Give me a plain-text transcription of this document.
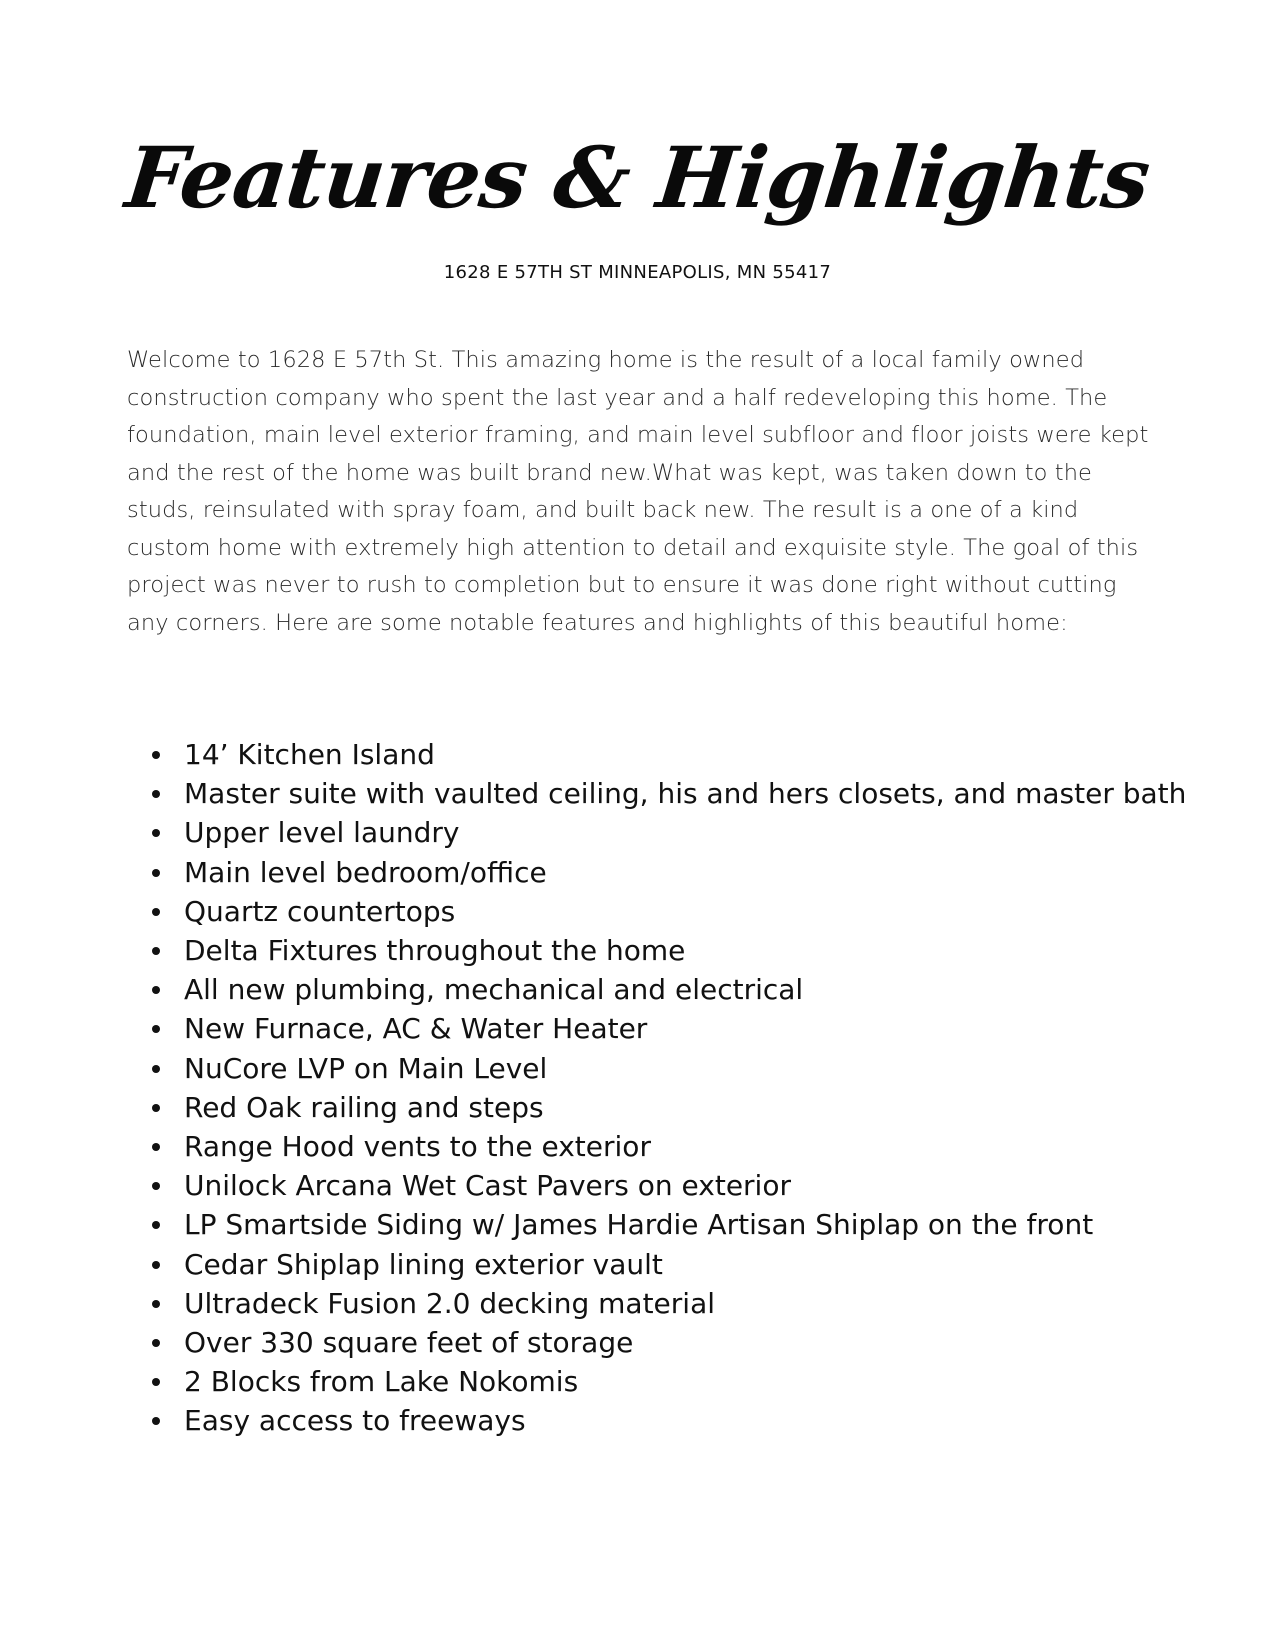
Features & Highlights
1628 E 57TH ST MINNEAPOLIS, MN 55417
Welcome to 1628 E 57th St. This amazing home is the result of a local family owned construction company who spent the last year and a half redeveloping this home. The foundation, main level exterior framing, and main level subfloor and floor joists were kept and the rest of the home was built brand new.What was kept, was taken down to the studs, reinsulated with spray foam, and built back new. The result is a one of a kind custom home with extremely high attention to detail and exquisite style. The goal of this project was never to rush to completion but to ensure it was done right without cutting any corners. Here are some notable features and highlights of this beautiful home:
14’ Kitchen Island
Master suite with vaulted ceiling, his and hers closets, and master bath
Upper level laundry
Main level bedroom/office
Quartz countertops
Delta Fixtures throughout the home
All new plumbing, mechanical and electrical
New Furnace, AC & Water Heater
NuCore LVP on Main Level
Red Oak railing and steps
Range Hood vents to the exterior
Unilock Arcana Wet Cast Pavers on exterior
LP Smartside Siding w/ James Hardie Artisan Shiplap on the front
Cedar Shiplap lining exterior vault
Ultradeck Fusion 2.0 decking material
Over 330 square feet of storage
2 Blocks from Lake Nokomis
Easy access to freeways
